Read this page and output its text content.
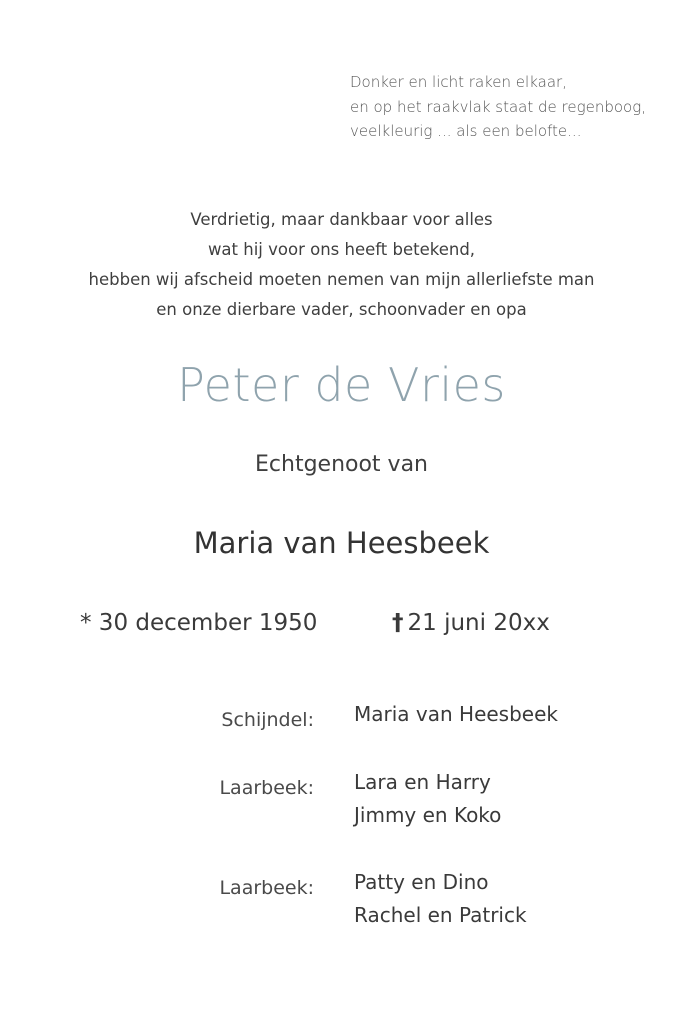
Donker en licht raken elkaar,
en op het raakvlak staat de regenboog,
veelkleurig ... als een belofte...
Verdrietig, maar dankbaar voor alles
wat hij voor ons heeft betekend,
hebben wij afscheid moeten nemen van mijn allerliefste man
en onze dierbare vader, schoonvader en opa
Peter de Vries
Echtgenoot van
Maria van Heesbeek
* 30 december 1950	† 21 juni 20xx
Schijndel: Maria van Heesbeek
Laarbeek: Lara en Harry
Jimmy en Koko
Laarbeek: Patty en Dino
Rachel en Patrick
